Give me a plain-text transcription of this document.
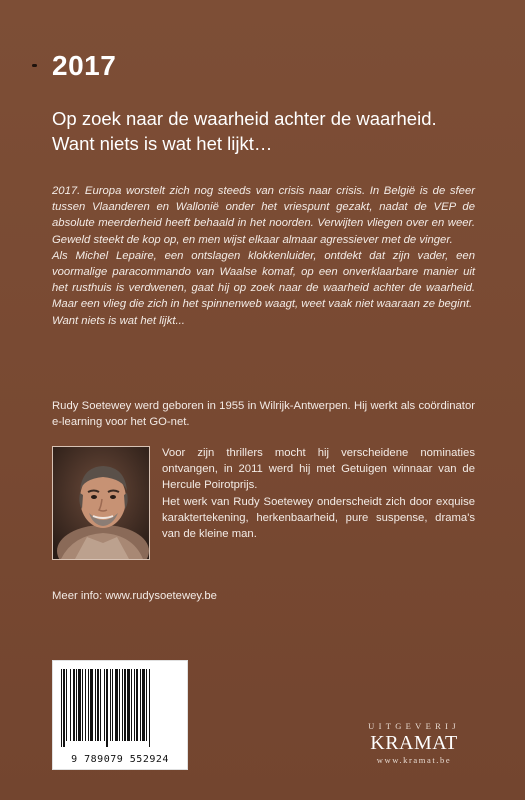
2017
Op zoek naar de waarheid achter de waarheid.
Want niets is wat het lijkt…

2017. Europa worstelt zich nog steeds van crisis naar crisis. In België is de sfeer tussen Vlaanderen en Wallonië onder het vriespunt gezakt, nadat de VEP de absolute meerderheid heeft behaald in het noorden. Verwijten vliegen over en weer. Geweld steekt de kop op, en men wijst elkaar almaar agressiever met de vinger.

Als Michel Lepaire, een ontslagen klokkenluider, ontdekt dat zijn vader, een voormalige paracommando van Waalse komaf, op een onverklaarbare manier uit het rusthuis is verdwenen, gaat hij op zoek naar de waarheid achter de waarheid. Maar een vlieg die zich in het spinnenweb waagt, weet vaak niet waaraan ze begint.

Want niets is wat het lijkt...

Rudy Soetewey werd geboren in 1955 in Wilrijk-Antwerpen. Hij werkt als coördinator e-learning voor het GO-net.

Voor zijn thrillers mocht hij verscheidene nominaties ontvangen, in 2011 werd hij met Getuigen winnaar van de Hercule Poirotprijs.

Het werk van Rudy Soetewey onderscheidt zich door exquise karaktertekening, herkenbaarheid, pure suspense, drama's van de kleine man.

Meer info: www.rudysoetewey.be
9 789079 552924
UITGEVERIJ
KRAMAT
www.kramat.be
